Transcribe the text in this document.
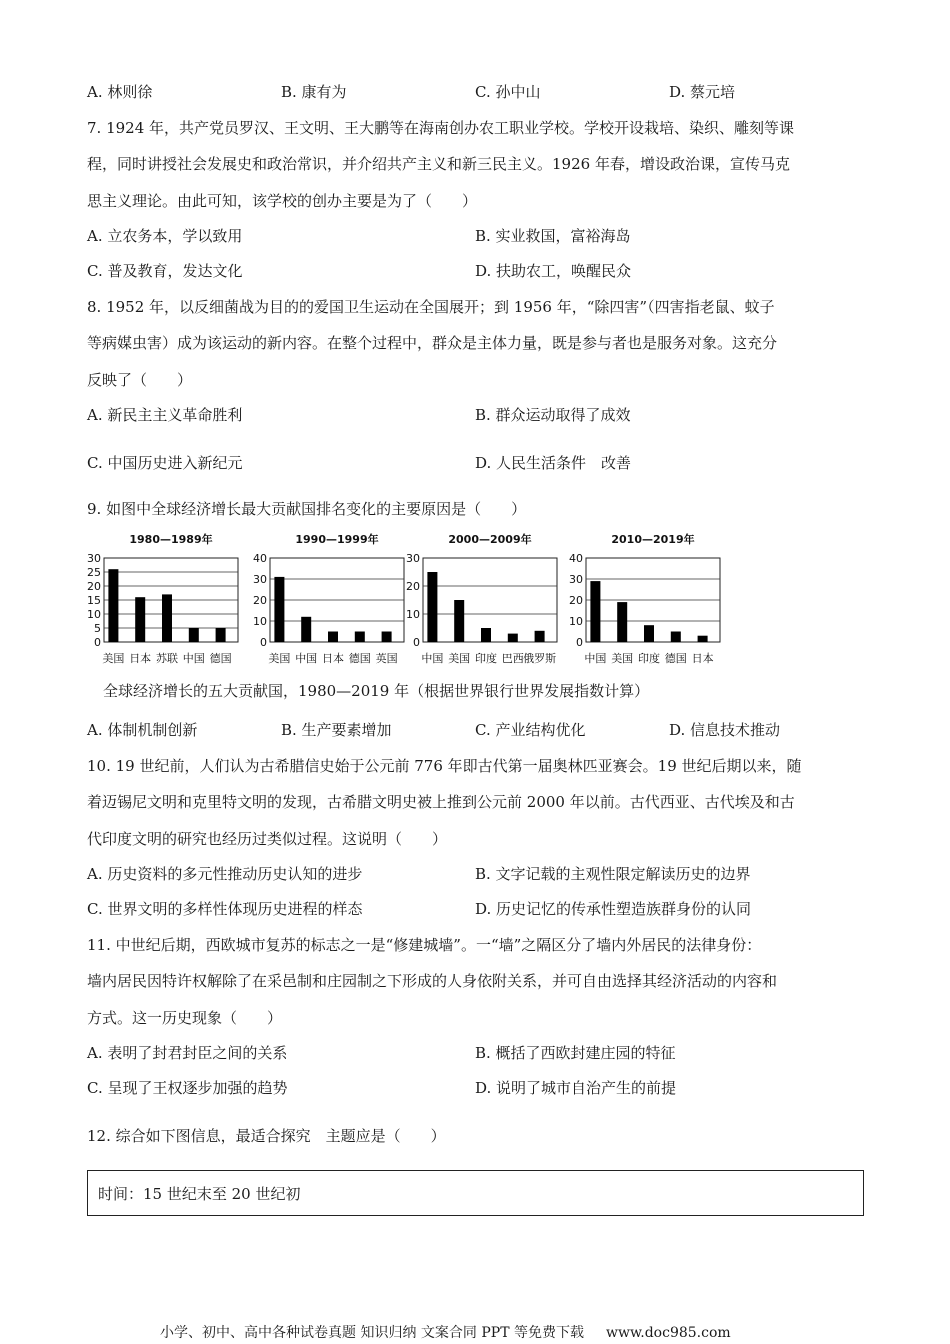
A. 林则徐	B. 康有为	C. 孙中山	D. 蔡元培
7. 1924 年，共产党员罗汉、王文明、王大鹏等在海南创办农工职业学校。学校开设栽培、染织、雕刻等课
程，同时讲授社会发展史和政治常识，并介绍共产主义和新三民主义。1926 年春，增设政治课，宣传马克
思主义理论。由此可知，该学校的创办主要是为了（　　）
A. 立农务本，学以致用	B. 实业救国，富裕海岛
C. 普及教育，发达文化	D. 扶助农工，唤醒民众
8. 1952 年，以反细菌战为目的的爱国卫生运动在全国展开；到 1956 年，“除四害”（四害指老鼠、蚊子
等病媒虫害）成为该运动的新内容。在整个过程中，群众是主体力量，既是参与者也是服务对象。这充分
反映了（　　）
A. 新民主主义革命胜利	B. 群众运动取得了成效
C. 中国历史进入新纪元	D. 人民生活条件　改善
9. 如图中全球经济增长最大贡献国排名变化的主要原因是（　　）
1980—1989年
0
5
10
15
20
25
30
美国 日本 苏联 中国 德国
1990—1999年
0
10
20
30
40
美国 中国 日本 德国 英国
2000—2009年
0
10
20
30
中国 美国 印度 巴西 俄罗斯
2010—2019年
0
10
20
30
40
中国 美国 印度 德国 日本
全球经济增长的五大贡献国，1980—2019 年（根据世界银行世界发展指数计算）
A. 体制机制创新	B. 生产要素增加	C. 产业结构优化	D. 信息技术推动
10. 19 世纪前，人们认为古希腊信史始于公元前 776 年即古代第一届奥林匹亚赛会。19 世纪后期以来，随
着迈锡尼文明和克里特文明的发现，古希腊文明史被上推到公元前 2000 年以前。古代西亚、古代埃及和古
代印度文明的研究也经历过类似过程。这说明（　　）
A. 历史资料的多元性推动历史认知的进步	B. 文字记载的主观性限定解读历史的边界
C. 世界文明的多样性体现历史进程的样态	D. 历史记忆的传承性塑造族群身份的认同
11. 中世纪后期，西欧城市复苏的标志之一是“修建城墙”。一“墙”之隔区分了墙内外居民的法律身份：
墙内居民因特许权解除了在采邑制和庄园制之下形成的人身依附关系，并可自由选择其经济活动的内容和
方式。这一历史现象（　　）
A. 表明了封君封臣之间的关系	B. 概括了西欧封建庄园的特征
C. 呈现了王权逐步加强的趋势	D. 说明了城市自治产生的前提
12. 综合如下图信息，最适合探究　主题应是（　　）
时间：15 世纪末至 20 世纪初
小学、初中、高中各种试卷真题 知识归纳 文案合同 PPT 等免费下载 www.doc985.com
